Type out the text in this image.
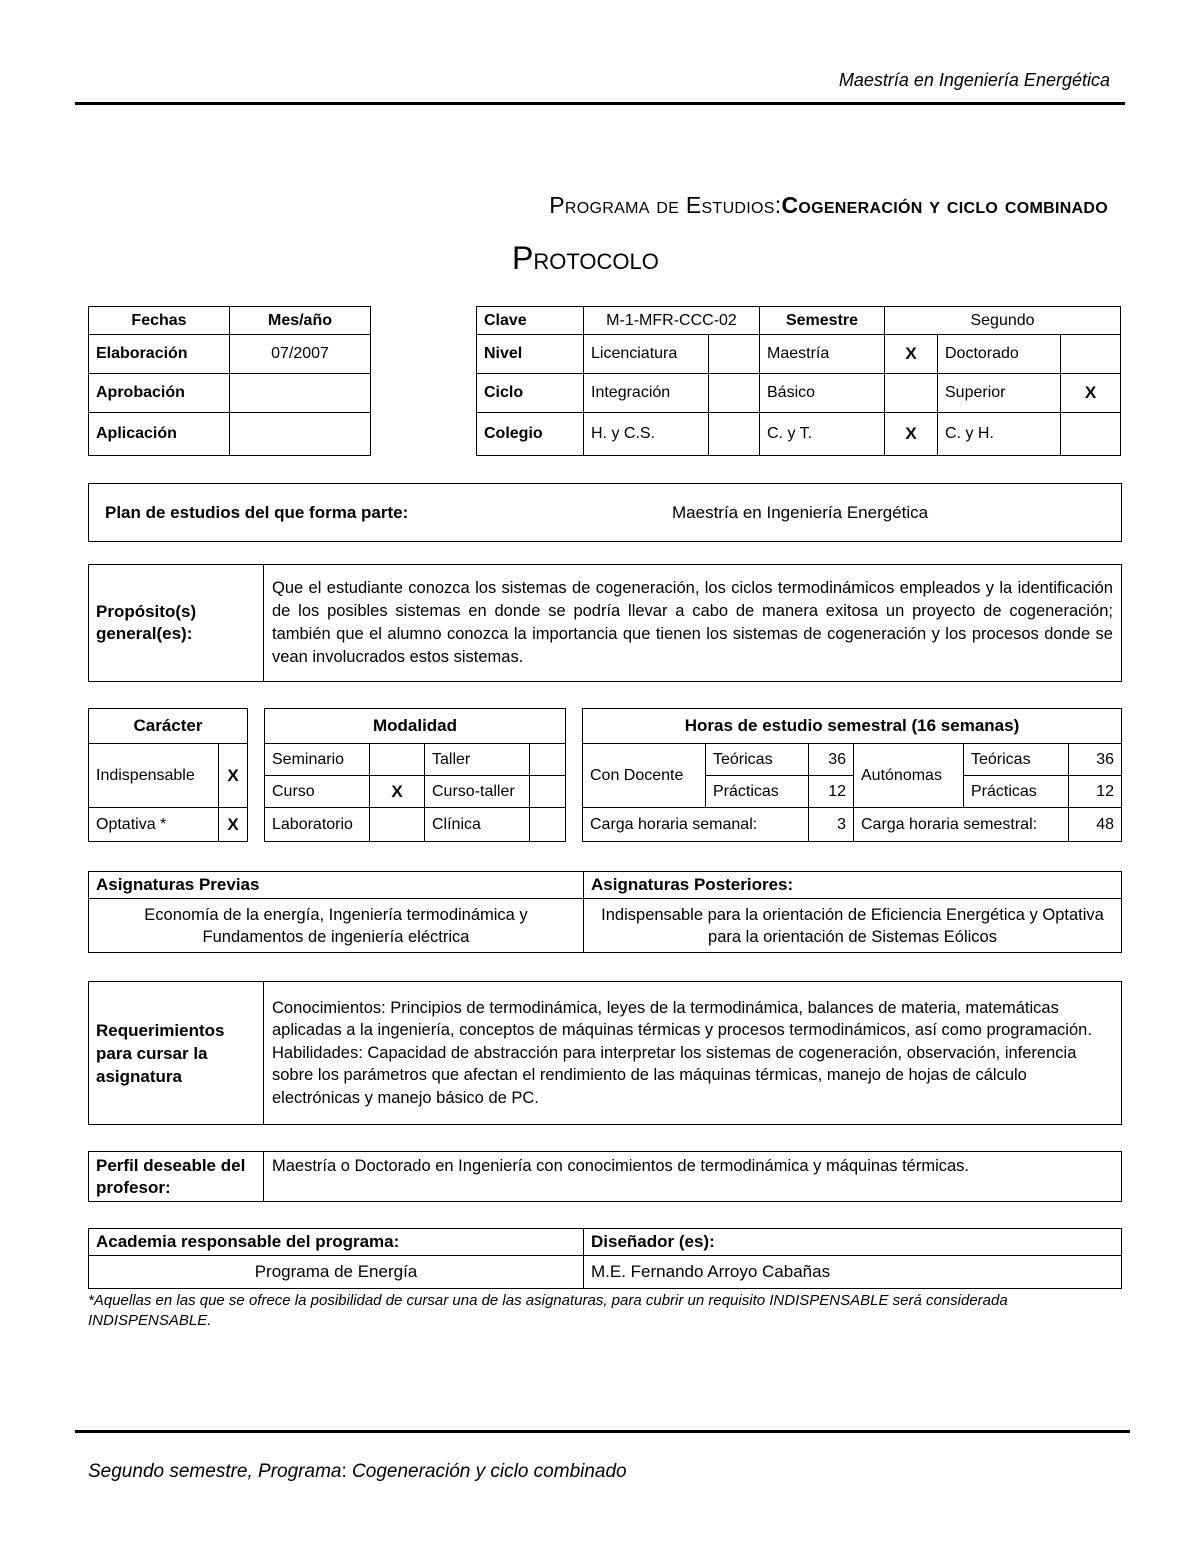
Maestría en Ingeniería Energética
Programa de Estudios:Cogeneración y ciclo combinado
Protocolo
Fechas	Mes/año
Elaboración	07/2007
Aprobación	
Aplicación	
Clave	M-1-MFR-CCC-02		Semestre	Segundo		
Nivel	Licenciatura		Maestría	X	Doctorado	
Ciclo	Integración		Básico		Superior	X
Colegio	H. y C.S.		C. y T.	X	C. y H.	
Plan de estudios del que forma parte:	Maestría en Ingeniería Energética
Propósito(s) general(es):	Que el estudiante conozca los sistemas de cogeneración, los ciclos termodinámicos empleados y la identificación de los posibles sistemas en donde se podría llevar a cabo de manera exitosa un proyecto de cogeneración; también que el alumno conozca la importancia que tienen los sistemas de cogeneración y los procesos donde se vean involucrados estos sistemas.
Carácter	
Indispensable	X
Optativa *	X
Modalidad			
Seminario		Taller	
Curso	X	Curso-taller	
Laboratorio		Clínica	
Horas de estudio semestral (16 semanas)					
Con Docente	Teóricas	36	Autónomas	Teóricas	36
	Prácticas	12		Prácticas	12
Carga horaria semanal:		3	Carga horaria semestral:		48
Asignaturas Previas	Asignaturas Posteriores:
Economía de la energía, Ingeniería termodinámica y Fundamentos de ingeniería eléctrica	Indispensable para la orientación de Eficiencia Energética y Optativa para la orientación de Sistemas Eólicos
Requerimientos para cursar la asignatura	
Conocimientos: Principios de termodinámica, leyes de la termodinámica, balances de materia, matemáticas aplicadas a la ingeniería, conceptos de máquinas térmicas y procesos termodinámicos, así como programación.
Habilidades: Capacidad de abstracción para interpretar los sistemas de cogeneración, observación, inferencia sobre los parámetros que afectan el rendimiento de las máquinas térmicas, manejo de hojas de cálculo electrónicas y manejo básico de PC.
Perfil deseable del profesor:	Maestría o Doctorado en Ingeniería con conocimientos de termodinámica y máquinas térmicas.
Academia responsable del programa:	Diseñador (es):
Programa de Energía	M.E. Fernando Arroyo Cabañas
*Aquellas en las que se ofrece la posibilidad de cursar una de las asignaturas, para cubrir un requisito INDISPENSABLE será considerada INDISPENSABLE.
Segundo semestre, Programa: Cogeneración y ciclo combinado
